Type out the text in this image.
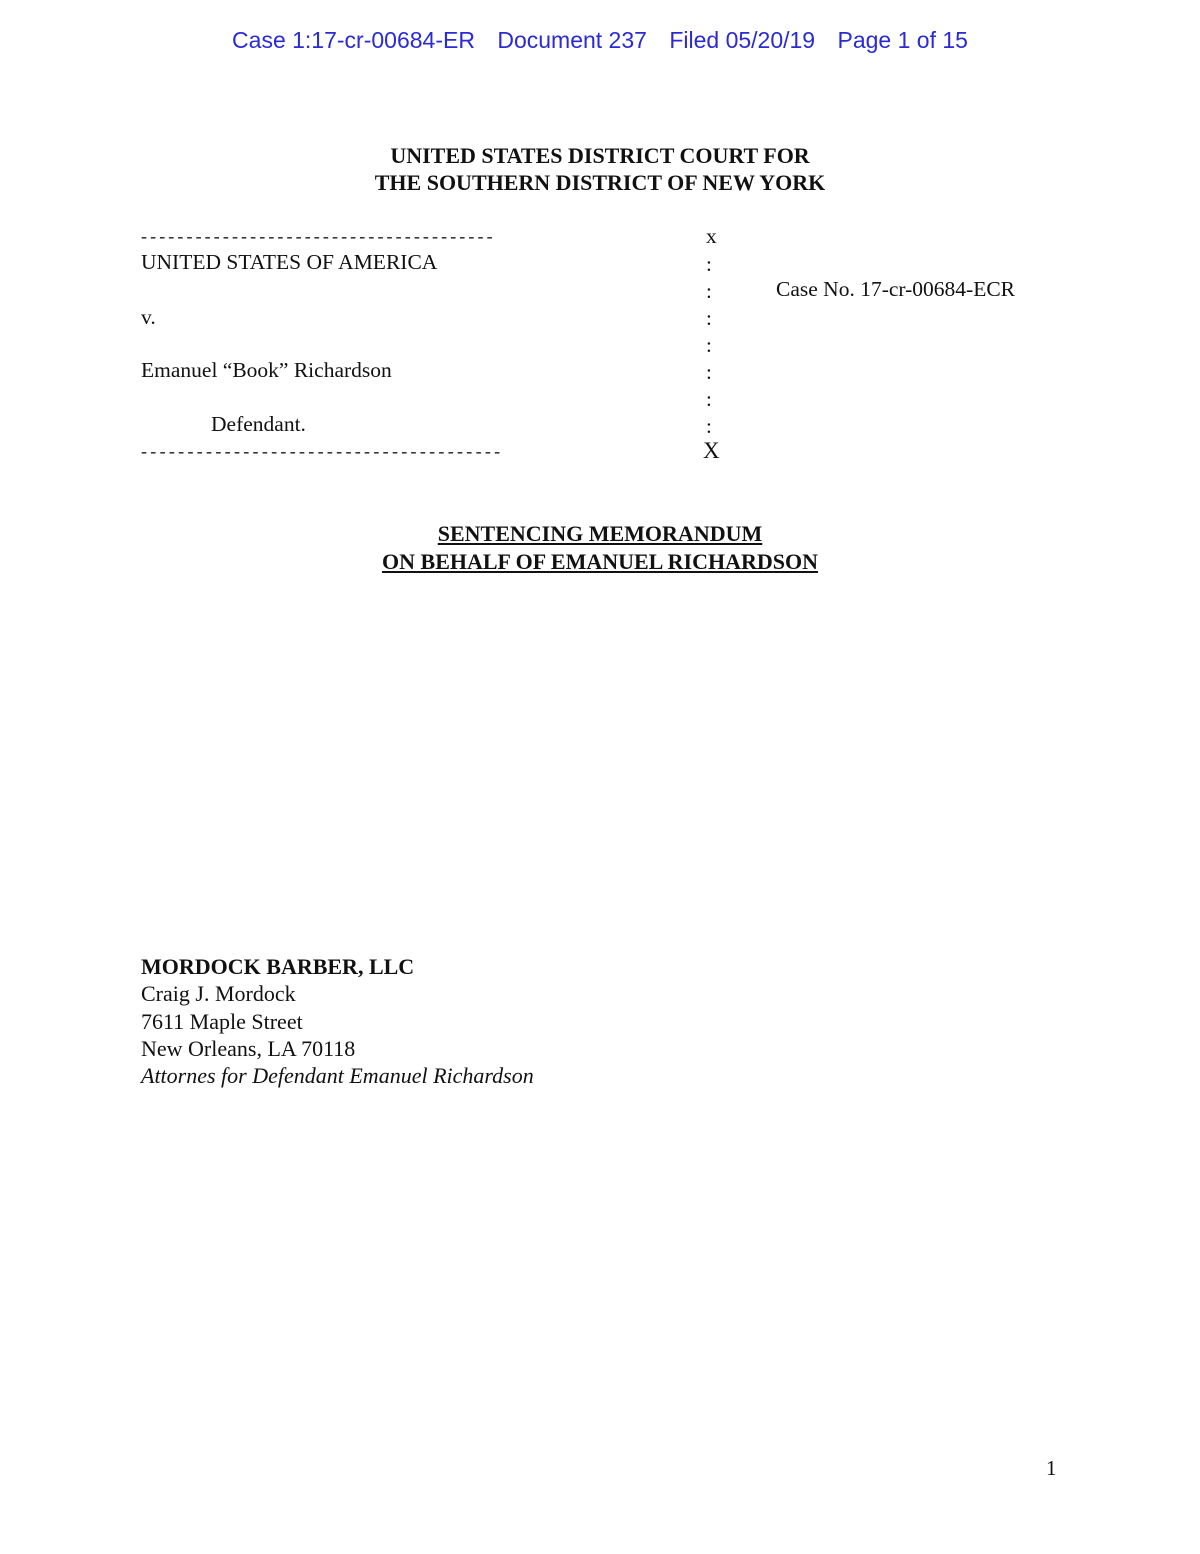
Case 1:17-cr-00684-ER Document 237 Filed 05/20/19 Page 1 of 15
UNITED STATES DISTRICT COURT FOR
THE SOUTHERN DISTRICT OF NEW YORK
---------------------------------------	x
UNITED STATES OF AMERICA
v.
Emanuel “Book” Richardson
Defendant.
Case No. 17-cr-00684-ECR
:
:
:
:
:
:
:
---------------------------------------	X
SENTENCING MEMORANDUM
ON BEHALF OF EMANUEL RICHARDSON
MORDOCK BARBER, LLC
Craig J. Mordock
7611 Maple Street
New Orleans, LA 70118
Attornes for Defendant Emanuel Richardson
1
